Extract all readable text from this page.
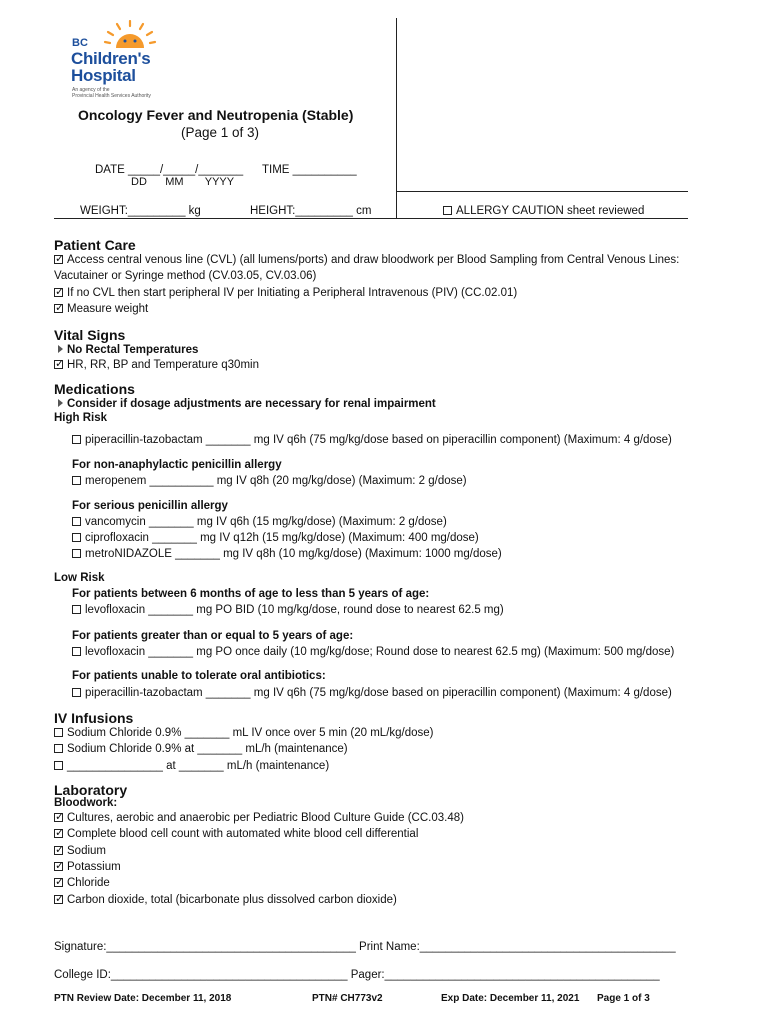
BC
Children's
Hospital
An agency of the
Provincial Health Services Authority
Oncology Fever and Neutropenia (Stable)
(Page 1 of 3)
DATE _____/_____/_______
DD      MM       YYYY
TIME __________
WEIGHT:_________ kg	HEIGHT:_________ cm	ALLERGY CAUTION sheet reviewed
Patient Care
✓Access central venous line (CVL) (all lumens/ports) and draw bloodwork per Blood Sampling from Central Venous Lines:
Vacutainer or Syringe method (CV.03.05, CV.03.06)
✓If no CVL then start peripheral IV per Initiating a Peripheral Intravenous (PIV) (CC.02.01)
✓Measure weight
Vital Signs
No Rectal Temperatures
✓HR, RR, BP and Temperature q30min
Medications
Consider if dosage adjustments are necessary for renal impairment
High Risk
piperacillin-tazobactam _______ mg IV q6h (75 mg/kg/dose based on piperacillin component) (Maximum: 4 g/dose)
For non-anaphylactic penicillin allergy
meropenem __________ mg IV q8h (20 mg/kg/dose) (Maximum: 2 g/dose)
For serious penicillin allergy
vancomycin _______ mg IV q6h (15 mg/kg/dose) (Maximum: 2 g/dose)
ciprofloxacin _______ mg IV q12h (15 mg/kg/dose) (Maximum: 400 mg/dose)
metroNIDAZOLE _______ mg IV q8h (10 mg/kg/dose) (Maximum: 1000 mg/dose)
Low Risk
For patients between 6 months of age to less than 5 years of age:
levofloxacin _______ mg PO BID (10 mg/kg/dose, round dose to nearest 62.5 mg)
For patients greater than or equal to 5 years of age:
levofloxacin _______ mg PO once daily (10 mg/kg/dose; Round dose to nearest 62.5 mg) (Maximum: 500 mg/dose)
For patients unable to tolerate oral antibiotics:
piperacillin-tazobactam _______ mg IV q6h (75 mg/kg/dose based on piperacillin component) (Maximum: 4 g/dose)
IV Infusions
Sodium Chloride 0.9% _______ mL IV once over 5 min (20 mL/kg/dose)
Sodium Chloride 0.9% at _______ mL/h (maintenance)
_______________ at _______ mL/h (maintenance)
Laboratory
Bloodwork:
✓Cultures, aerobic and anaerobic per Pediatric Blood Culture Guide (CC.03.48)
✓Complete blood cell count with automated white blood cell differential
✓Sodium
✓Potassium
✓Chloride
✓Carbon dioxide, total (bicarbonate plus dissolved carbon dioxide)
Signature:_______________________________________ Print Name:________________________________________
College ID:_____________________________________ Pager:___________________________________________
PTN Review Date: December 11, 2018	PTN# CH773v2	Exp Date: December 11, 2021 Page 1 of 3
